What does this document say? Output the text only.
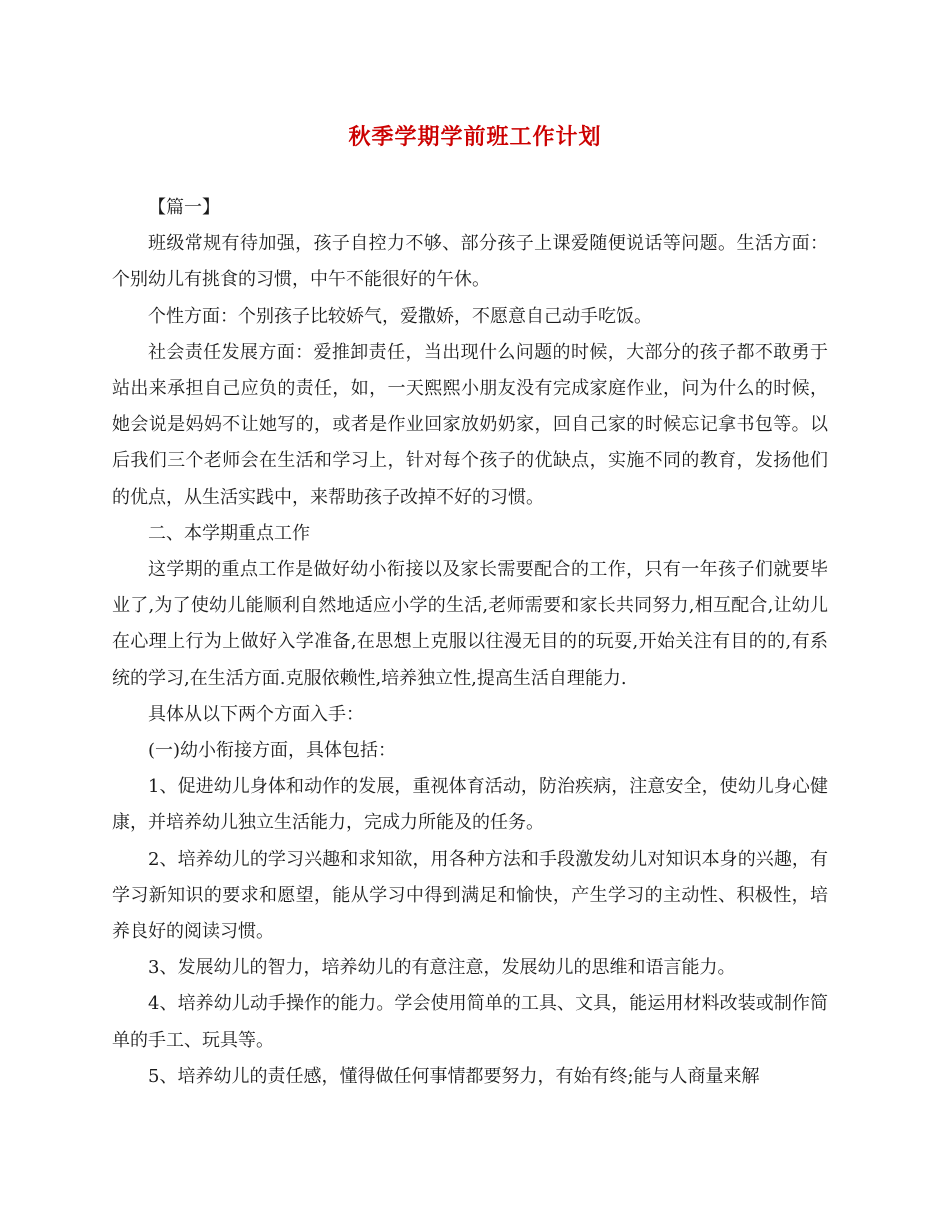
秋季学期学前班工作计划

【篇一】

班级常规有待加强，孩子自控力不够、部分孩子上课爱随便说话等问题。生活方面：个别幼儿有挑食的习惯，中午不能很好的午休。

个性方面：个别孩子比较娇气，爱撒娇，不愿意自己动手吃饭。

社会责任发展方面：爱推卸责任，当出现什么问题的时候，大部分的孩子都不敢勇于站出来承担自己应负的责任，如，一天熙熙小朋友没有完成家庭作业，问为什么的时候，她会说是妈妈不让她写的，或者是作业回家放奶奶家，回自己家的时候忘记拿书包等。以后我们三个老师会在生活和学习上，针对每个孩子的优缺点，实施不同的教育，发扬他们的优点，从生活实践中，来帮助孩子改掉不好的习惯。

二、本学期重点工作

这学期的重点工作是做好幼小衔接以及家长需要配合的工作，只有一年孩子们就要毕业了,为了使幼儿能顺利自然地适应小学的生活,老师需要和家长共同努力,相互配合,让幼儿在心理上行为上做好入学准备,在思想上克服以往漫无目的的玩耍,开始关注有目的的,有系统的学习,在生活方面.克服依赖性,培养独立性,提高生活自理能力.

具体从以下两个方面入手：

(一)幼小衔接方面，具体包括：

1、促进幼儿身体和动作的发展，重视体育活动，防治疾病，注意安全，使幼儿身心健康，并培养幼儿独立生活能力，完成力所能及的任务。

2、培养幼儿的学习兴趣和求知欲，用各种方法和手段激发幼儿对知识本身的兴趣，有学习新知识的要求和愿望，能从学习中得到满足和愉快，产生学习的主动性、积极性，培养良好的阅读习惯。

3、发展幼儿的智力，培养幼儿的有意注意，发展幼儿的思维和语言能力。

4、培养幼儿动手操作的能力。学会使用简单的工具、文具，能运用材料改装或制作简单的手工、玩具等。

5、培养幼儿的责任感，懂得做任何事情都要努力，有始有终;能与人商量来解
